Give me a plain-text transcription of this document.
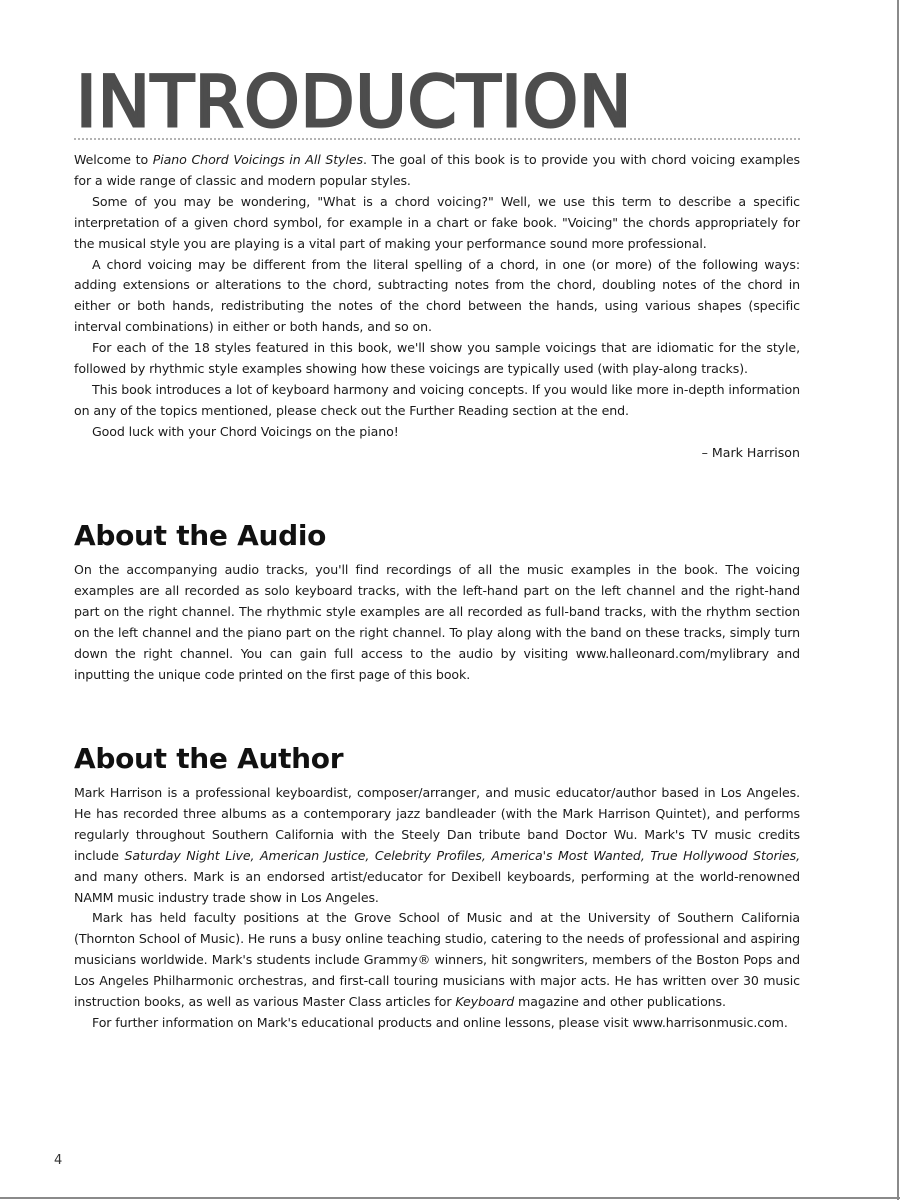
INTRODUCTION

Welcome to Piano Chord Voicings in All Styles. The goal of this book is to provide you with chord voicing examples for a wide range of classic and modern popular styles.

Some of you may be wondering, "What is a chord voicing?" Well, we use this term to describe a specific interpretation of a given chord symbol, for example in a chart or fake book. "Voicing" the chords appropriately for the musical style you are playing is a vital part of making your performance sound more professional.

A chord voicing may be different from the literal spelling of a chord, in one (or more) of the following ways: adding extensions or alterations to the chord, subtracting notes from the chord, doubling notes of the chord in either or both hands, redistributing the notes of the chord between the hands, using various shapes (specific interval combinations) in either or both hands, and so on.

For each of the 18 styles featured in this book, we'll show you sample voicings that are idiomatic for the style, followed by rhythmic style examples showing how these voicings are typically used (with play-along tracks).

This book introduces a lot of keyboard harmony and voicing concepts. If you would like more in-depth information on any of the topics mentioned, please check out the Further Reading section at the end.

Good luck with your Chord Voicings on the piano!

– Mark Harrison

About the Audio

On the accompanying audio tracks, you'll find recordings of all the music examples in the book. The voicing examples are all recorded as solo keyboard tracks, with the left-hand part on the left channel and the right-hand part on the right channel. The rhythmic style examples are all recorded as full-band tracks, with the rhythm section on the left channel and the piano part on the right channel. To play along with the band on these tracks, simply turn down the right channel. You can gain full access to the audio by visiting www.halleonard.com/mylibrary and inputting the unique code printed on the first page of this book.

About the Author

Mark Harrison is a professional keyboardist, composer/arranger, and music educator/author based in Los Angeles. He has recorded three albums as a contemporary jazz bandleader (with the Mark Harrison Quintet), and performs regularly throughout Southern California with the Steely Dan tribute band Doctor Wu. Mark's TV music credits include Saturday Night Live, American Justice, Celebrity Profiles, America's Most Wanted, True Hollywood Stories, and many others. Mark is an endorsed artist/educator for Dexibell keyboards, performing at the world-renowned NAMM music industry trade show in Los Angeles.

Mark has held faculty positions at the Grove School of Music and at the University of Southern California (Thornton School of Music). He runs a busy online teaching studio, catering to the needs of professional and aspiring musicians worldwide. Mark's students include Grammy® winners, hit songwriters, members of the Boston Pops and Los Angeles Philharmonic orchestras, and first-call touring musicians with major acts. He has written over 30 music instruction books, as well as various Master Class articles for Keyboard magazine and other publications.

For further information on Mark's educational products and online lessons, please visit www.harrisonmusic.com.

4
